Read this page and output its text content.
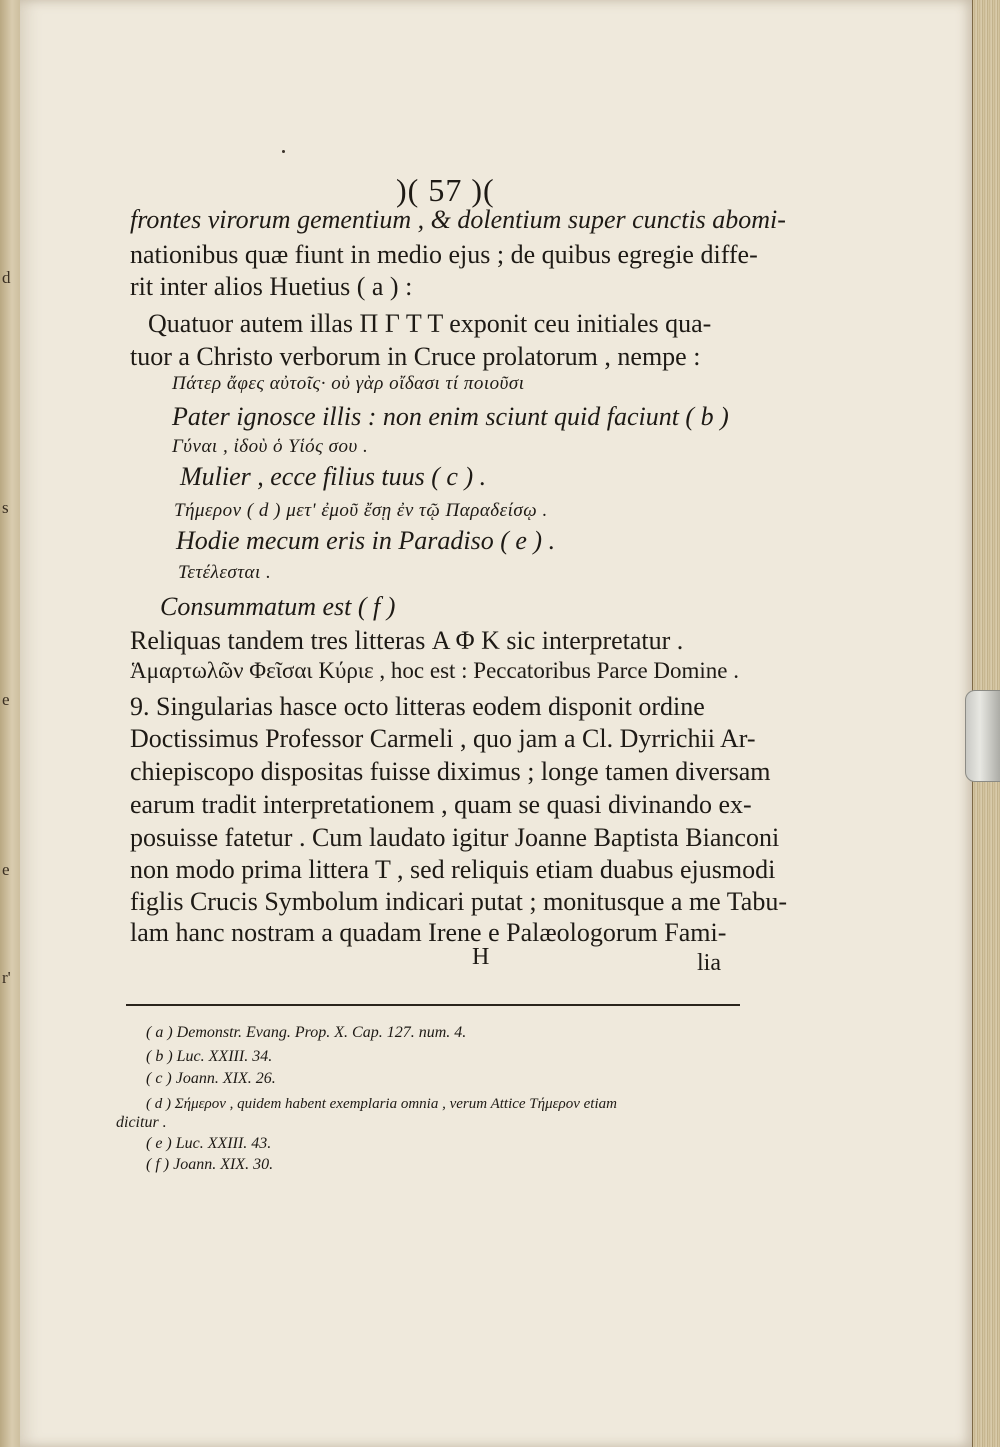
d
s
e
e
r'
)( 57 )(
frontes virorum gementium , & dolentium super cunctis abomi-
nationibus quæ fiunt in medio ejus ; de quibus egregie diffe-
rit inter alios Huetius ( a ) :
Quatuor autem illas Π Γ Τ Τ exponit ceu initiales qua-
tuor a Christo verborum in Cruce prolatorum , nempe :
Πάτερ ἄφες αὐτοῖς· οὐ γὰρ οἴδασι τί ποιοῦσι
Pater ignosce illis : non enim sciunt quid faciunt ( b )
Γύναι , ἰδοὺ ὁ Υἱός σου .
Mulier , ecce filius tuus ( c ) .
Τήμερον ( d ) μετ' ἐμοῦ ἔσῃ ἐν τῷ Παραδείσῳ .
Hodie mecum eris in Paradiso ( e ) .
Τετέλεσται .
Consummatum est ( f )
Reliquas tandem tres litteras Α Φ Κ sic interpretatur .
Ἁμαρτωλῶν Φεῖσαι Κύριε , hoc est : Peccatoribus Parce Domine .
9. Singularias hasce octo litteras eodem disponit ordine
Doctissimus Professor Carmeli , quo jam a Cl. Dyrrichii Ar-
chiepiscopo dispositas fuisse diximus ; longe tamen diversam
earum tradit interpretationem , quam se quasi divinando ex-
posuisse fatetur . Cum laudato igitur Joanne Baptista Bianconi
non modo prima littera T , sed reliquis etiam duabus ejusmodi
figlis Crucis Symbolum indicari putat ; monitusque a me Tabu-
lam hanc nostram a quadam Irene e Palæologorum Fami-
H	lia
( a ) Demonstr. Evang. Prop. X. Cap. 127. num. 4.
( b ) Luc. XXIII. 34.
( c ) Joann. XIX. 26.
( d ) Σήμερον , quidem habent exemplaria omnia , verum Attice Τήμερον etiam
dicitur .
( e ) Luc. XXIII. 43.
( f ) Joann. XIX. 30.
